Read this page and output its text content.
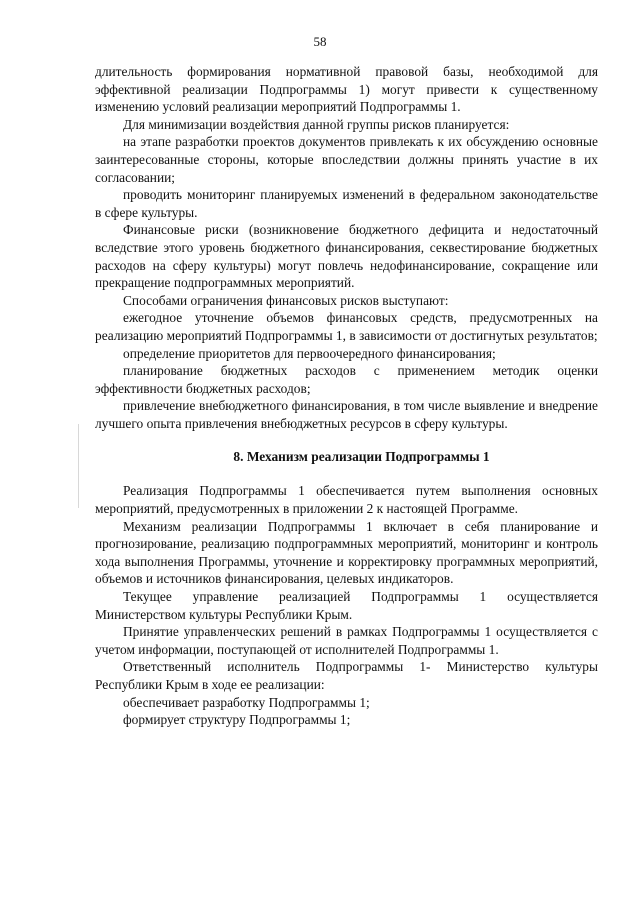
58

длительность формирования нормативной правовой базы, необходимой для эффективной реализации Подпрограммы 1) могут привести к существенному изменению условий реализации мероприятий Подпрограммы 1.

Для минимизации воздействия данной группы рисков планируется:

на этапе разработки проектов документов привлекать к их обсуждению основные заинтересованные стороны, которые впоследствии должны принять участие в их согласовании;

проводить мониторинг планируемых изменений в федеральном законодательстве в сфере культуры.

Финансовые риски (возникновение бюджетного дефицита и недостаточный вследствие этого уровень бюджетного финансирования, секвестирование бюджетных расходов на сферу культуры) могут повлечь недофинансирование, сокращение или прекращение подпрограммных мероприятий.

Способами ограничения финансовых рисков выступают:

ежегодное уточнение объемов финансовых средств, предусмотренных на реализацию мероприятий Подпрограммы 1, в зависимости от достигнутых результатов;

определение приоритетов для первоочередного финансирования;

планирование бюджетных расходов с применением методик оценки эффективности бюджетных расходов;

привлечение внебюджетного финансирования, в том числе выявление и внедрение лучшего опыта привлечения внебюджетных ресурсов в сферу культуры.

8. Механизм реализации Подпрограммы 1

Реализация Подпрограммы 1 обеспечивается путем выполнения основных мероприятий, предусмотренных в приложении 2 к настоящей Программе.

Механизм реализации Подпрограммы 1 включает в себя планирование и прогнозирование, реализацию подпрограммных мероприятий, мониторинг и контроль хода выполнения Программы, уточнение и корректировку программных мероприятий, объемов и источников финансирования, целевых индикаторов.

Текущее управление реализацией Подпрограммы 1 осуществляется Министерством культуры Республики Крым.

Принятие управленческих решений в рамках Подпрограммы 1 осуществляется с учетом информации, поступающей от исполнителей Подпрограммы 1.

Ответственный исполнитель Подпрограммы 1- Министерство культуры Республики Крым в ходе ее реализации:

обеспечивает разработку Подпрограммы 1;

формирует структуру Подпрограммы 1;
